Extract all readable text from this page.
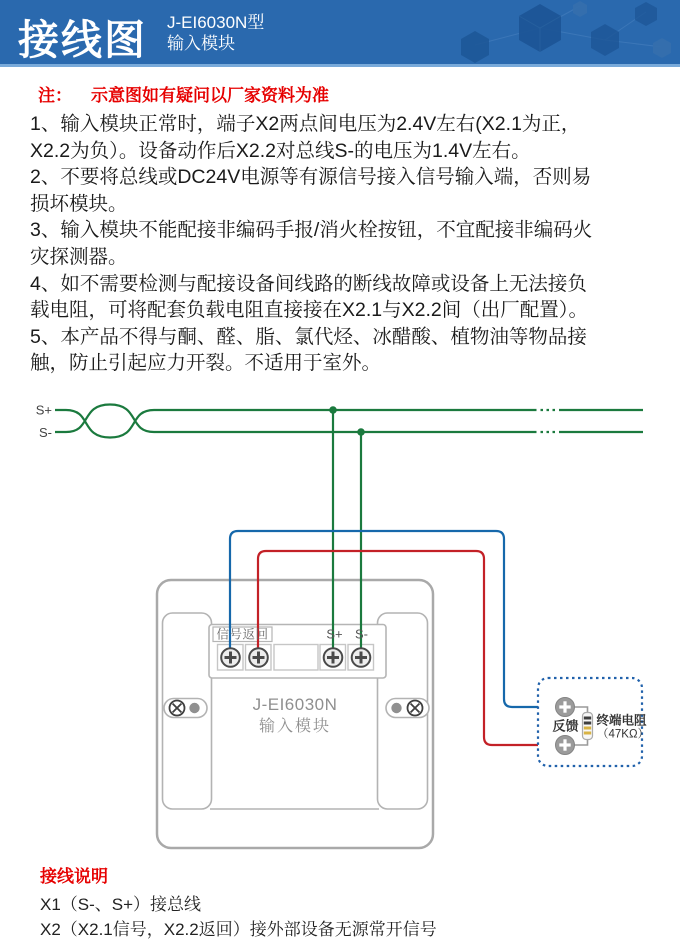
接线图 J-EI6030N型
输入模块
注： 示意图如有疑问以厂家资料为准
1、输入模块正常时，端子X2两点间电压为2.4V左右(X2.1为正，
X2.2为负）。设备动作后X2.2对总线S-的电压为1.4V左右。
2、不要将总线或DC24V电源等有源信号接入信号输入端，否则易
损坏模块。
3、输入模块不能配接非编码手报/消火栓按钮，不宜配接非编码火
灾探测器。
4、如不需要检测与配接设备间线路的断线故障或设备上无法接负
载电阻，可将配套负载电阻直接接在X2.1与X2.2间（出厂配置）。
5、本产品不得与酮、醛、脂、氯代烃、冰醋酸、植物油等物品接
触，防止引起应力开裂。不适用于室外。
J-EI6030N
输入模块
S+
S-
信号返回	S+ S-
反馈 终端电阻
（47KΩ）
接线说明
X1（S-、S+）接总线
X2（X2.1信号，X2.2返回）接外部设备无源常开信号
